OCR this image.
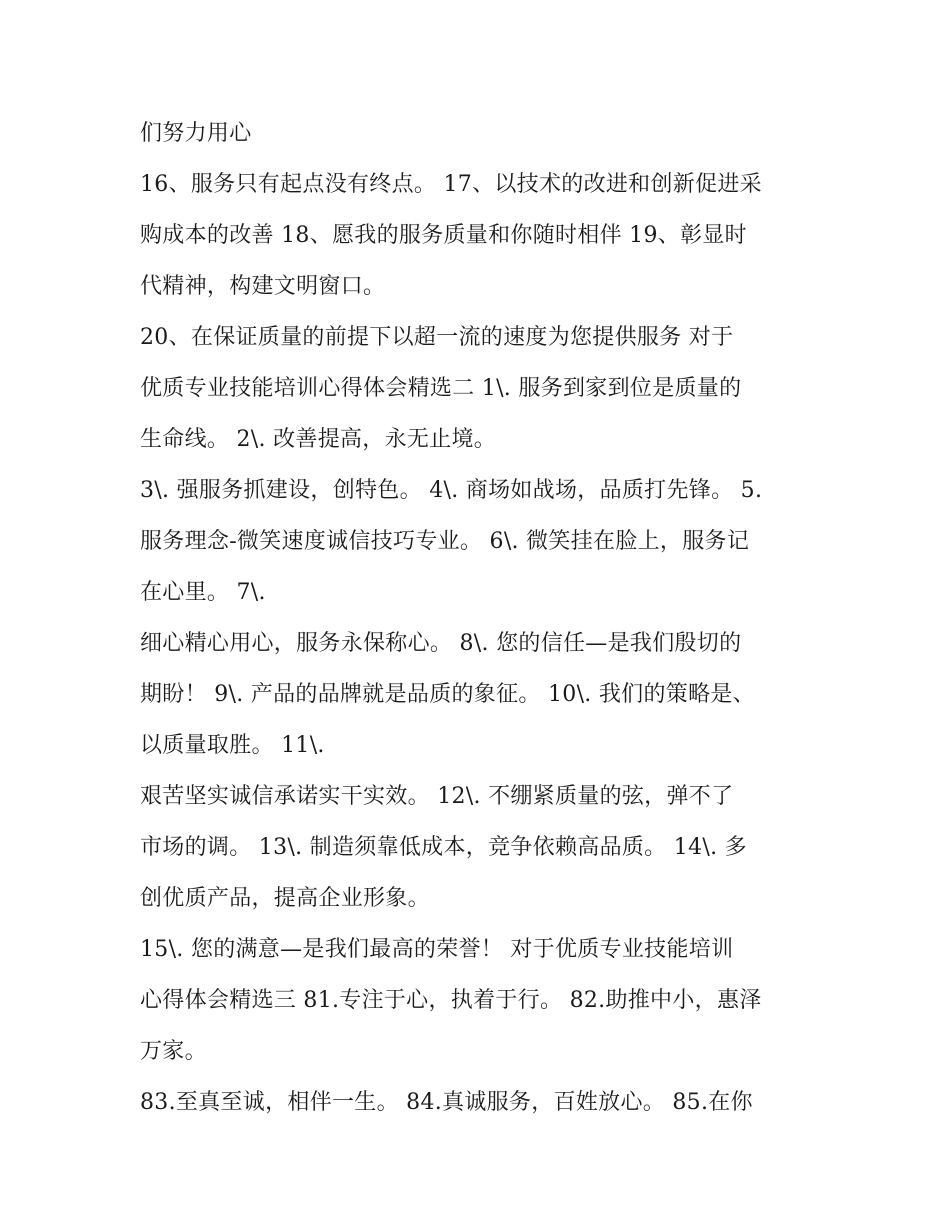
们努力用心
16、服务只有起点没有终点。 17、以技术的改进和创新促进采
购成本的改善 18、愿我的服务质量和你随时相伴 19、彰显时
代精神，构建文明窗口。
20、在保证质量的前提下以超一流的速度为您提供服务 对于
优质专业技能培训心得体会精选二 1\. 服务到家到位是质量的
生命线。 2\. 改善提高，永无止境。
3\. 强服务抓建设，创特色。 4\. 商场如战场，品质打先锋。 5.
服务理念-微笑速度诚信技巧专业。 6\. 微笑挂在脸上，服务记
在心里。 7\.
细心精心用心，服务永保称心。 8\. 您的信任—是我们殷切的
期盼！ 9\. 产品的品牌就是品质的象征。 10\. 我们的策略是、
以质量取胜。 11\.
艰苦坚实诚信承诺实干实效。 12\. 不绷紧质量的弦，弹不了
市场的调。 13\. 制造须靠低成本，竞争依赖高品质。 14\. 多
创优质产品，提高企业形象。
15\. 您的满意—是我们最高的荣誉！ 对于优质专业技能培训
心得体会精选三 81.专注于心，执着于行。 82.助推中小，惠泽
万家。
83.至真至诚，相伴一生。 84.真诚服务，百姓放心。 85.在你
